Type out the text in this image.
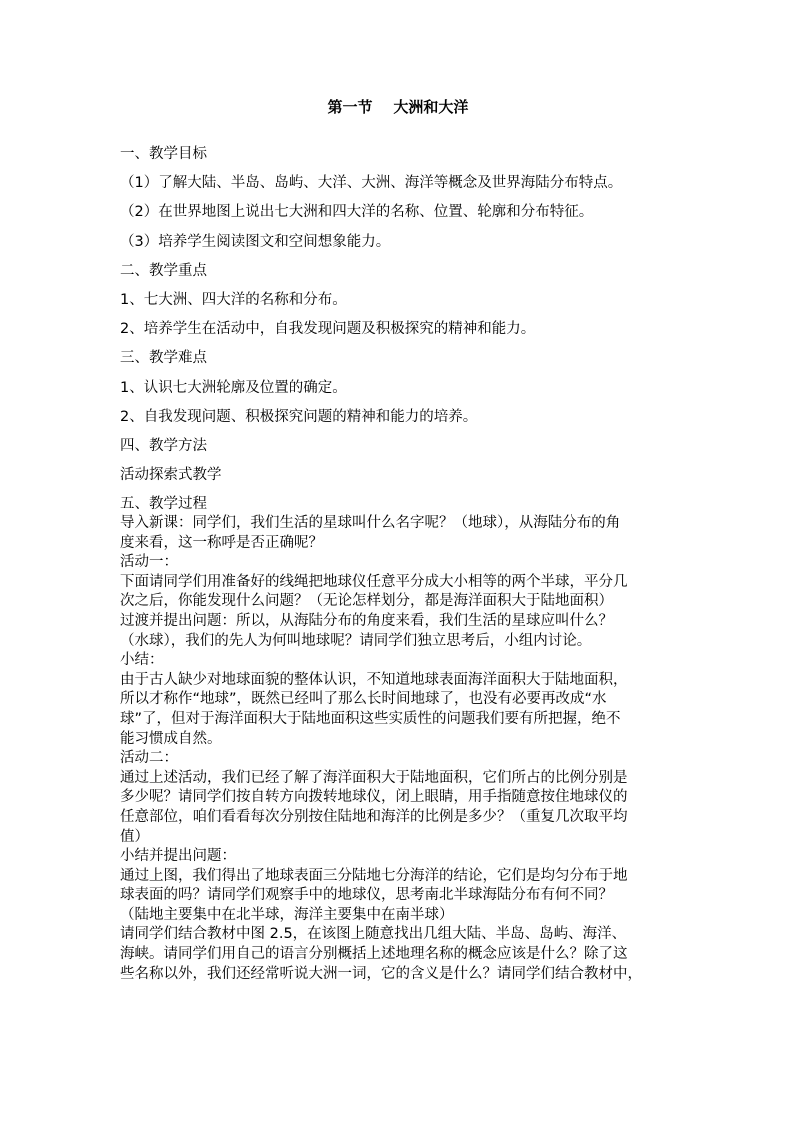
第一节    大洲和大洋

一、教学目标

（1）了解大陆、半岛、岛屿、大洋、大洲、海洋等概念及世界海陆分布特点。

（2）在世界地图上说出七大洲和四大洋的名称、位置、轮廓和分布特征。

（3）培养学生阅读图文和空间想象能力。

二、教学重点

1、七大洲、四大洋的名称和分布。

2、培养学生在活动中，自我发现问题及积极探究的精神和能力。

三、教学难点

1、认识七大洲轮廓及位置的确定。

2、自我发现问题、积极探究问题的精神和能力的培养。

四、教学方法

活动探索式教学

五、教学过程

导入新课：同学们，我们生活的星球叫什么名字呢？（地球），从海陆分布的角

度来看，这一称呼是否正确呢？

活动一：

下面请同学们用准备好的线绳把地球仪任意平分成大小相等的两个半球，平分几

次之后，你能发现什么问题？（无论怎样划分，都是海洋面积大于陆地面积）

过渡并提出问题：所以，从海陆分布的角度来看，我们生活的星球应叫什么？

（水球），我们的先人为何叫地球呢？请同学们独立思考后，小组内讨论。

小结：

由于古人缺少对地球面貌的整体认识，不知道地球表面海洋面积大于陆地面积，

所以才称作“地球”，既然已经叫了那么长时间地球了，也没有必要再改成“水

球”了，但对于海洋面积大于陆地面积这些实质性的问题我们要有所把握，绝不

能习惯成自然。

活动二：

通过上述活动，我们已经了解了海洋面积大于陆地面积，它们所占的比例分别是

多少呢？请同学们按自转方向拨转地球仪，闭上眼睛，用手指随意按住地球仪的

任意部位，咱们看看每次分别按住陆地和海洋的比例是多少？（重复几次取平均

值）

小结并提出问题：

通过上图，我们得出了地球表面三分陆地七分海洋的结论，它们是均匀分布于地

球表面的吗？请同学们观察手中的地球仪，思考南北半球海陆分布有何不同？

（陆地主要集中在北半球，海洋主要集中在南半球）

请同学们结合教材中图 2.5，在该图上随意找出几组大陆、半岛、岛屿、海洋、

海峡。请同学们用自己的语言分别概括上述地理名称的概念应该是什么？除了这

些名称以外，我们还经常听说大洲一词，它的含义是什么？请同学们结合教材中，
